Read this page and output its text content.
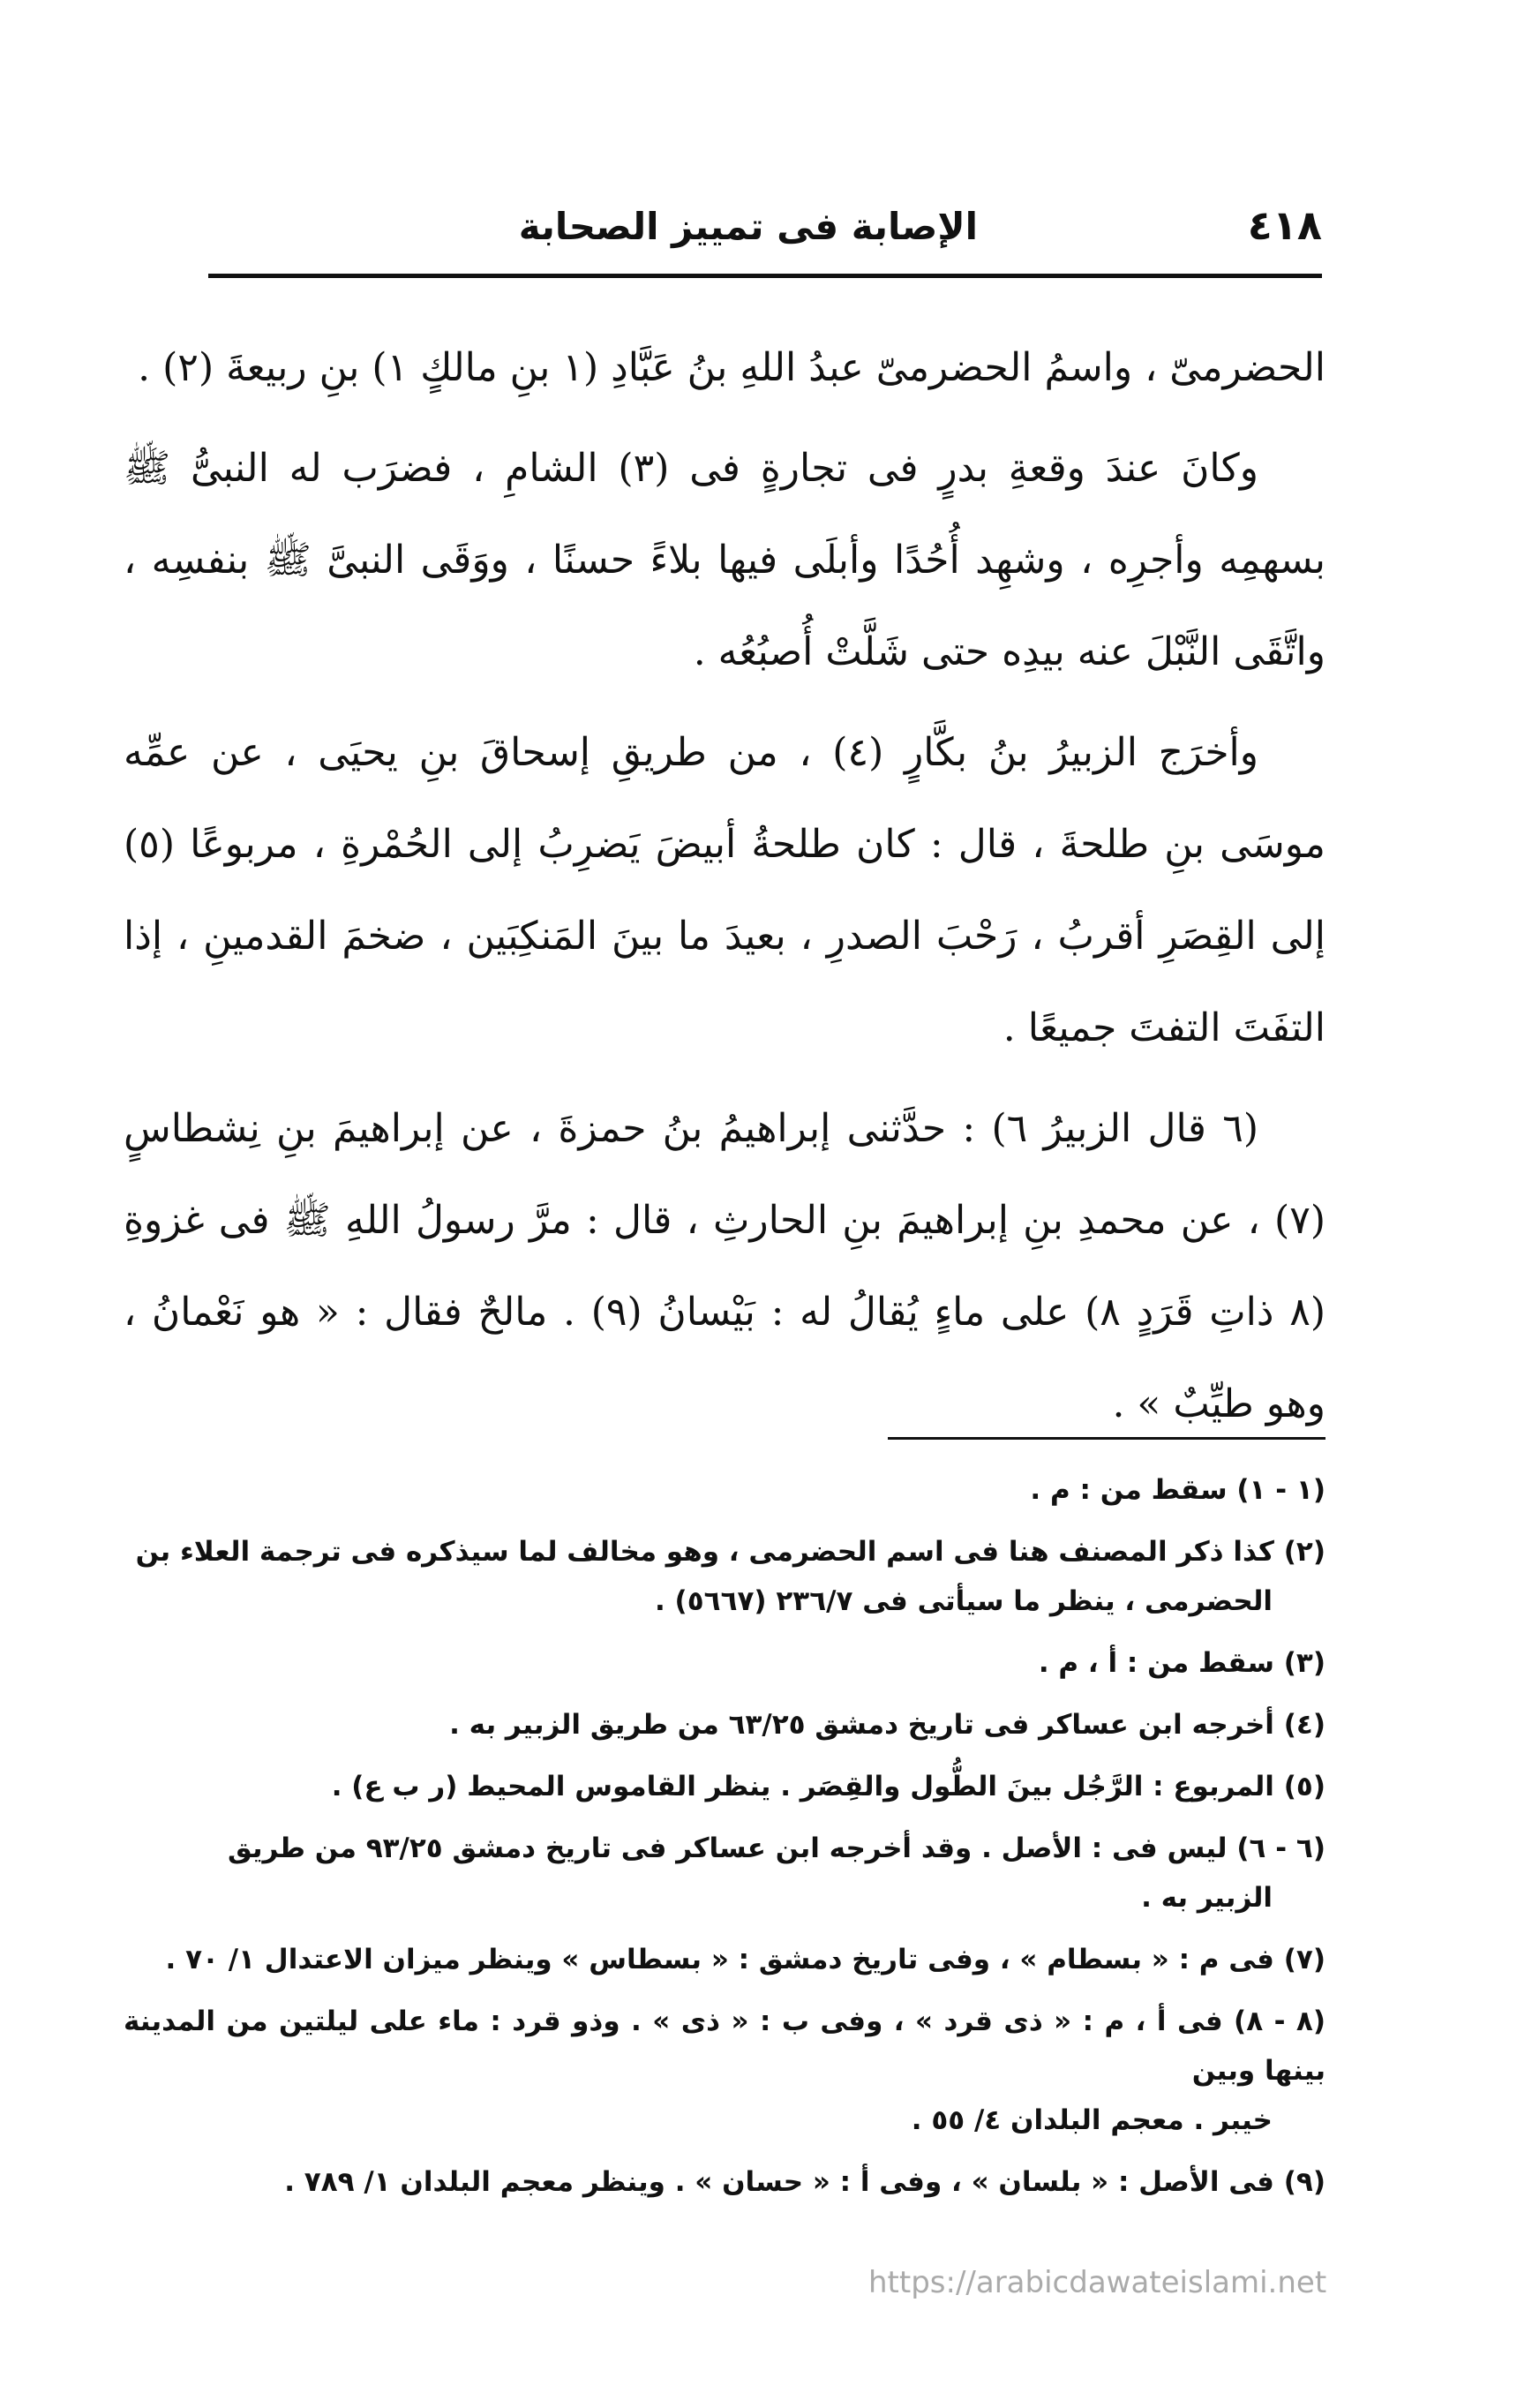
٤١٨
الإصابة فى تمييز الصحابة

الحضرمىّ ، واسمُ الحضرمىّ عبدُ اللهِ بنُ عَبَّادِ (١ بنِ مالكٍ ١) بنِ ربيعةَ (٢) .

وكانَ عندَ وقعةِ بدرٍ فى تجارةٍ فى (٣) الشامِ ، فضرَب له النبىُّ ﷺ بسهمِه وأجرِه ، وشهِد أُحُدًا وأبلَى فيها بلاءً حسنًا ، ووَقَى النبىَّ ﷺ بنفسِه ، واتَّقَى النَّبْلَ عنه بيدِه حتى شَلَّتْ أُصبُعُه .

وأخرَج الزبيرُ بنُ بكَّارٍ (٤) ، من طريقِ إسحاقَ بنِ يحيَى ، عن عمِّه موسَى بنِ طلحةَ ، قال : كان طلحةُ أبيضَ يَضرِبُ إلى الحُمْرةِ ، مربوعًا (٥) إلى القِصَرِ أقربُ ، رَحْبَ الصدرِ ، بعيدَ ما بينَ المَنكِبَين ، ضخمَ القدمينِ ، إذا التفَتَ التفتَ جميعًا .

(٦ قال الزبيرُ ٦) : حدَّثنى إبراهيمُ بنُ حمزةَ ، عن إبراهيمَ بنِ نِشطاسٍ (٧) ، عن محمدِ بنِ إبراهيمَ بنِ الحارثِ ، قال : مرَّ رسولُ اللهِ ﷺ فى غزوةِ (٨ ذاتِ قَرَدٍ ٨) على ماءٍ يُقالُ له : بَيْسانُ (٩) . مالحٌ فقال : « هو نَعْمانُ ، وهو طيِّبٌ » .

(١ - ١) سقط من : م .
(٢) كذا ذكر المصنف هنا فى اسم الحضرمى ، وهو مخالف لما سيذكره فى ترجمة العلاء بن
الحضرمى ، ينظر ما سيأتى فى ٢٣٦/٧ (٥٦٦٧) .
(٣) سقط من : أ ، م .
(٤) أخرجه ابن عساكر فى تاريخ دمشق ٦٣/٢٥ من طريق الزبير به .
(٥) المربوع : الرَّجُل بينَ الطُّول والقِصَر . ينظر القاموس المحيط (ر ب ع) .
(٦ - ٦) ليس فى : الأصل . وقد أخرجه ابن عساكر فى تاريخ دمشق ٩٣/٢٥ من طريق
الزبير به .
(٧) فى م : « بسطام » ، وفى تاريخ دمشق : « بسطاس » وينظر ميزان الاعتدال ١/ ٧٠ .
(٨ - ٨) فى أ ، م : « ذى قرد » ، وفى ب : « ذى » . وذو قرد : ماء على ليلتين من المدينة بينها وبين
خيبر . معجم البلدان ٤/ ٥٥ .
(٩) فى الأصل : « بلسان » ، وفى أ : « حسان » . وينظر معجم البلدان ١/ ٧٨٩ .
https://arabicdawateislami.net
